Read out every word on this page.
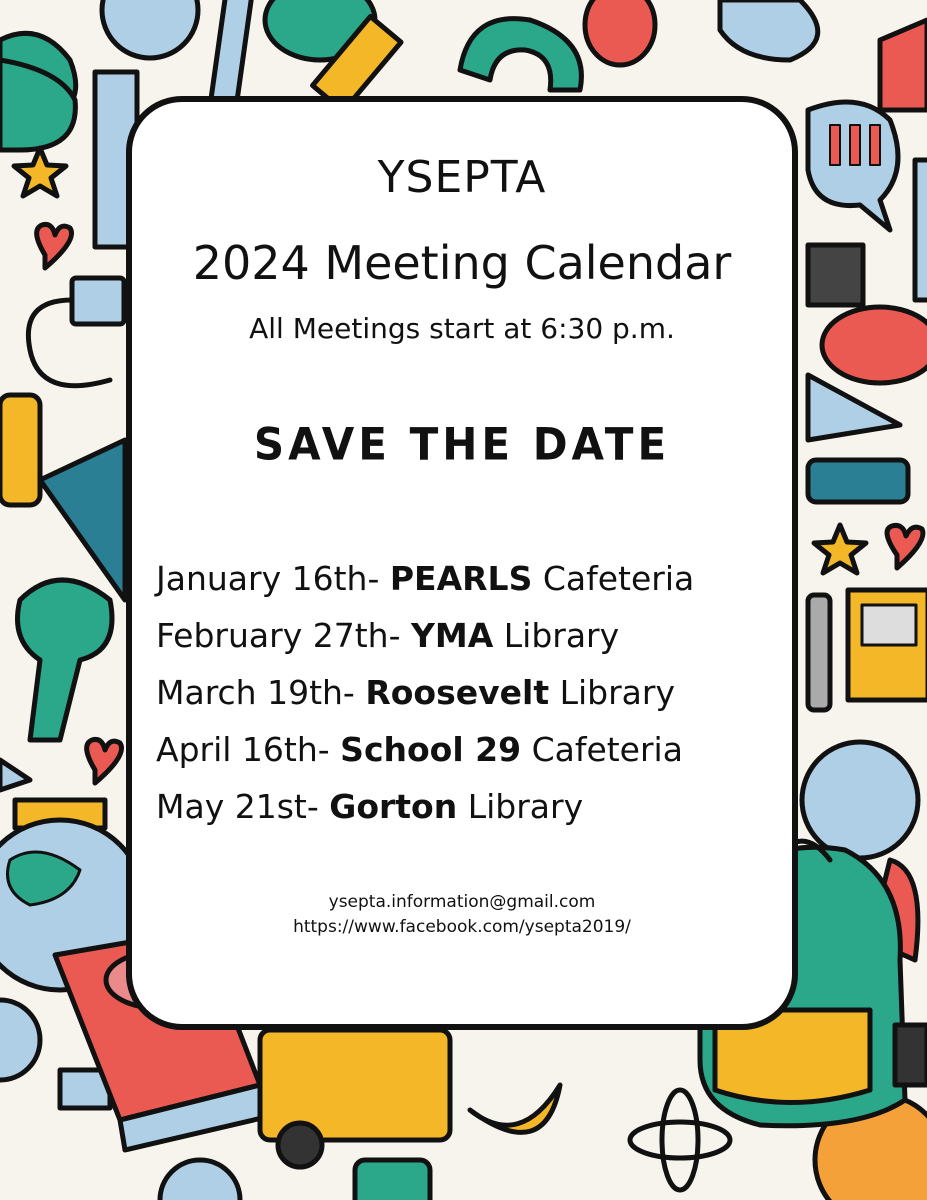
YSEPTA
2024 Meeting Calendar
All Meetings start at 6:30 p.m.
SAVE THE DATE
January 16th- PEARLS Cafeteria
February 27th- YMA Library
March 19th- Roosevelt Library
April 16th- School 29 Cafeteria
May 21st- Gorton Library
ysepta.information@gmail.com
https://www.facebook.com/ysepta2019/
